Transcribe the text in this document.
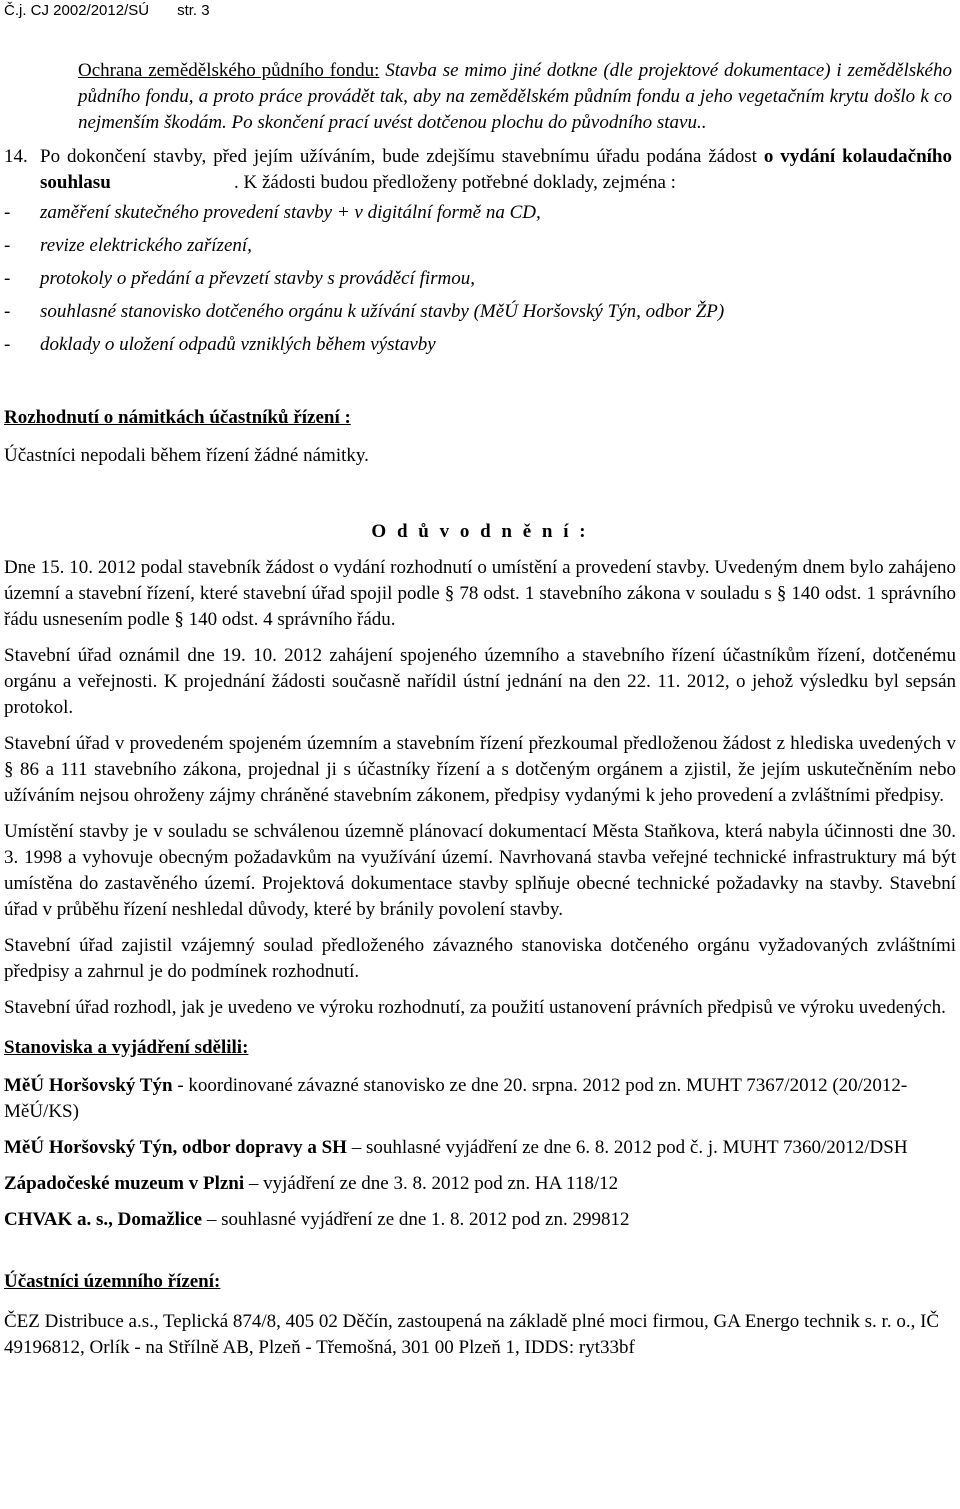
Č.j. CJ 2002/2012/SÚ str. 3

Ochrana zemědělského půdního fondu: Stavba se mimo jiné dotkne (dle projektové dokumentace) i zemědělského půdního fondu, a proto práce provádět tak, aby na zemědělském půdním fondu a jeho vegetačním krytu došlo k co nejmenším škodám. Po skončení prací uvést dotčenou plochu do původního stavu..

14. Po dokončení stavby, před jejím užíváním, bude zdejšímu stavebnímu úřadu podána žádost o vydání kolaudačního souhlasu	. K žádosti budou předloženy potřebné doklady, zejména :
-	zaměření skutečného provedení stavby + v digitální formě na CD,
-	revize elektrického zařízení,
-	protokoly o předání a převzetí stavby s prováděcí firmou,
-	souhlasné stanovisko dotčeného orgánu k užívání stavby (MěÚ Horšovský Týn, odbor ŽP)
-	doklady o uložení odpadů vzniklých během výstavby

Rozhodnutí o námitkách účastníků řízení :

Účastníci nepodali během řízení žádné námitky.

O d ů v o d n ě n í :

Dne 15. 10. 2012 podal stavebník žádost o vydání rozhodnutí o umístění a provedení stavby. Uvedeným dnem bylo zahájeno územní a stavební řízení, které stavební úřad spojil podle § 78 odst. 1 stavebního zákona v souladu s § 140 odst. 1 správního řádu usnesením podle § 140 odst. 4 správního řádu.

Stavební úřad oznámil dne 19. 10. 2012 zahájení spojeného územního a stavebního řízení účastníkům řízení, dotčenému orgánu a veřejnosti. K projednání žádosti současně nařídil ústní jednání na den 22. 11. 2012, o jehož výsledku byl sepsán protokol.

Stavební úřad v provedeném spojeném územním a stavebním řízení přezkoumal předloženou žádost z hlediska uvedených v § 86 a 111 stavebního zákona, projednal ji s účastníky řízení a s dotčeným orgánem a zjistil, že jejím uskutečněním nebo užíváním nejsou ohroženy zájmy chráněné stavebním zákonem, předpisy vydanými k jeho provedení a zvláštními předpisy.

Umístění stavby je v souladu se schválenou územně plánovací dokumentací Města Staňkova, která nabyla účinnosti dne 30. 3. 1998 a vyhovuje obecným požadavkům na využívání území. Navrhovaná stavba veřejné technické infrastruktury má být umístěna do zastavěného území. Projektová dokumentace stavby splňuje obecné technické požadavky na stavby. Stavební úřad v průběhu řízení neshledal důvody, které by bránily povolení stavby.

Stavební úřad zajistil vzájemný soulad předloženého závazného stanoviska dotčeného orgánu vyžadovaných zvláštními předpisy a zahrnul je do podmínek rozhodnutí.

Stavební úřad rozhodl, jak je uvedeno ve výroku rozhodnutí, za použití ustanovení právních předpisů ve výroku uvedených.

Stanoviska a vyjádření sdělili:

MěÚ Horšovský Týn - koordinované závazné stanovisko ze dne 20. srpna. 2012 pod zn. MUHT 7367/2012 (20/2012-MěÚ/KS)

MěÚ Horšovský Týn, odbor dopravy a SH – souhlasné vyjádření ze dne 6. 8. 2012 pod č. j. MUHT 7360/2012/DSH

Západočeské muzeum v Plzni – vyjádření ze dne 3. 8. 2012 pod zn. HA 118/12

CHVAK a. s., Domažlice – souhlasné vyjádření ze dne 1. 8. 2012 pod zn. 299812

Účastníci územního řízení:

ČEZ Distribuce a.s., Teplická 874/8, 405 02 Děčín, zastoupená na základě plné moci firmou, GA Energo technik s. r. o., IČ 49196812, Orlík - na Střílně AB, Plzeň - Třemošná, 301 00 Plzeň 1, IDDS: ryt33bf
